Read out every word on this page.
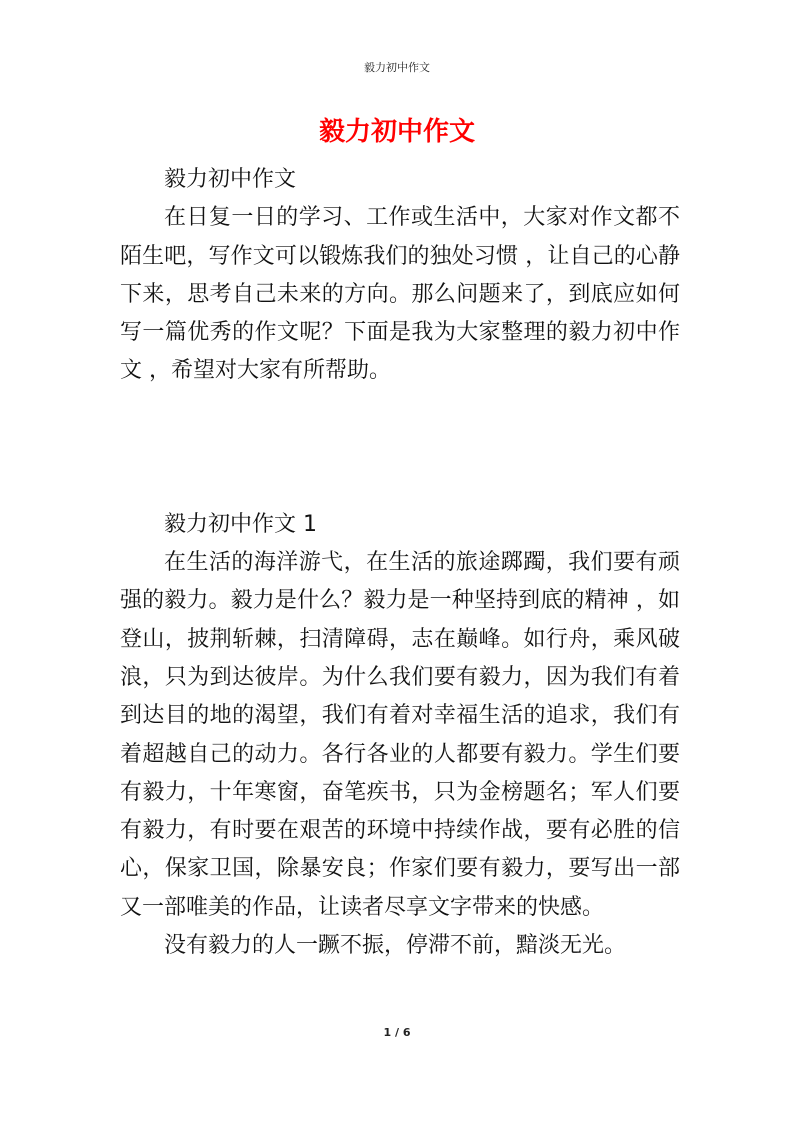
毅力初中作文
毅力初中作文

毅力初中作文

在日复一日的学习、工作或生活中，大家对作文都不陌生吧，写作文可以锻炼我们的独处习惯 ，让自己的心静下来，思考自己未来的方向。那么问题来了，到底应如何写一篇优秀的作文呢？下面是我为大家整理的毅力初中作文 ，希望对大家有所帮助。

毅力初中作文 1

在生活的海洋游弋，在生活的旅途踯躅，我们要有顽强的毅力。毅力是什么？毅力是一种坚持到底的精神 ，如登山，披荆斩棘，扫清障碍，志在巅峰。如行舟，乘风破浪，只为到达彼岸。为什么我们要有毅力，因为我们有着到达目的地的渴望，我们有着对幸福生活的追求，我们有着超越自己的动力。各行各业的人都要有毅力。学生们要有毅力，十年寒窗，奋笔疾书，只为金榜题名；军人们要有毅力，有时要在艰苦的环境中持续作战，要有必胜的信心，保家卫国，除暴安良；作家们要有毅力，要写出一部又一部唯美的作品，让读者尽享文字带来的快感。

没有毅力的人一蹶不振，停滞不前，黯淡无光。

1 / 6
